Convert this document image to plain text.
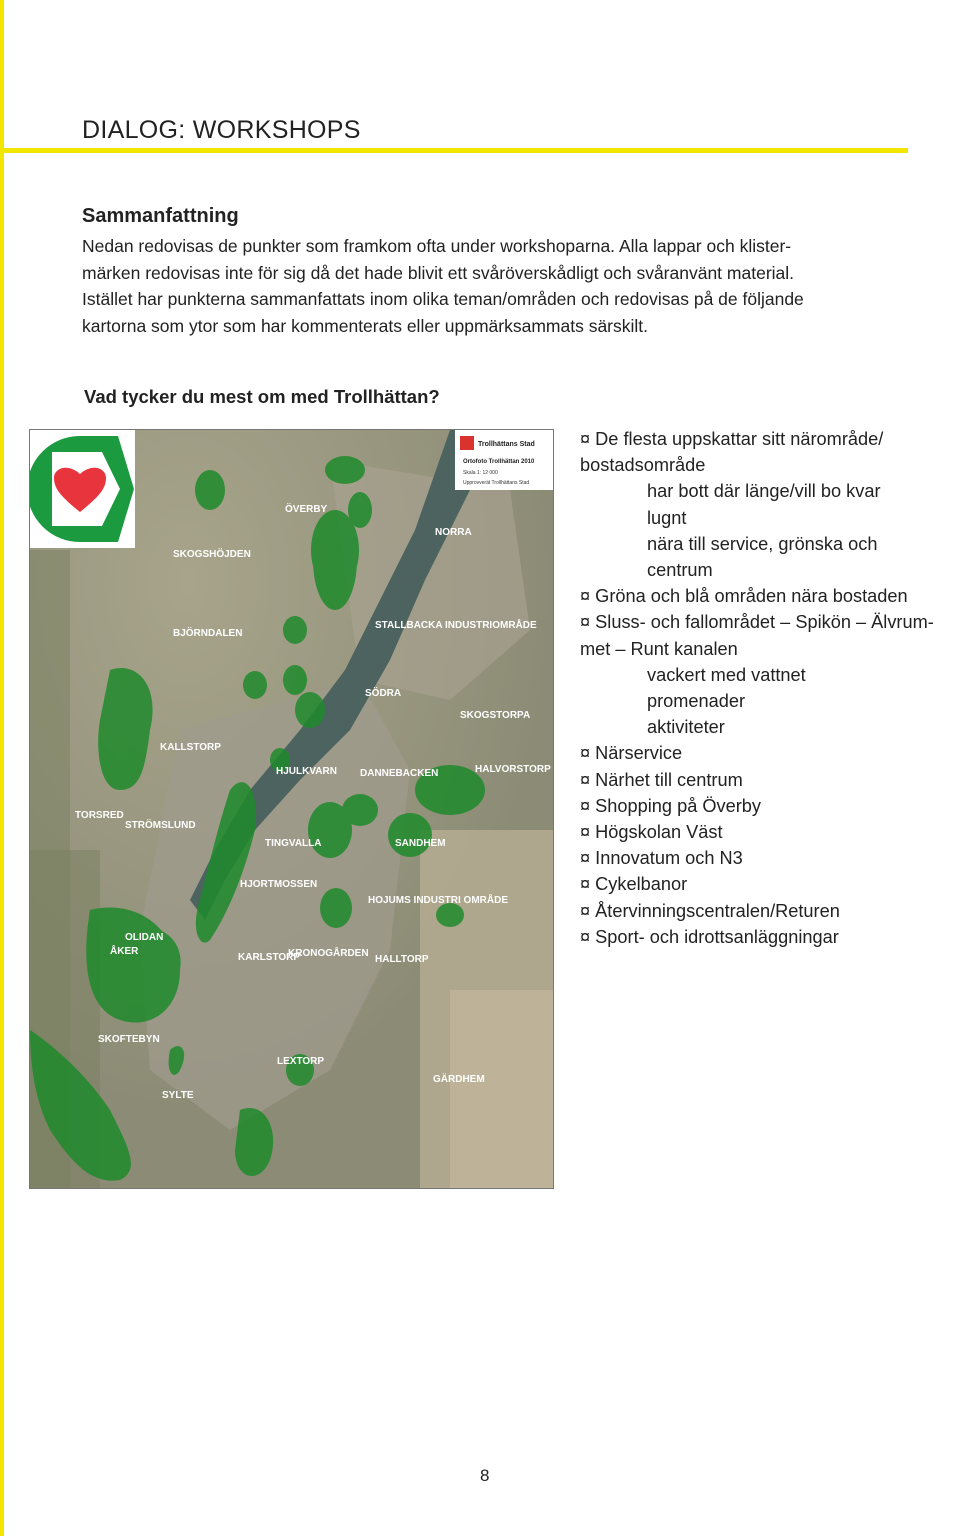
DIALOG: WORKSHOPS
Sammanfattning

Nedan redovisas de punkter som framkom ofta under workshoparna. Alla lappar och klister-
märken redovisas inte för sig då det hade blivit ett svåröverskådligt och svåranvänt material.
Istället har punkterna sammanfattats inom olika teman/områden och redovisas på de följande
kartorna som ytor som har kommenterats eller uppmärksammats särskilt.

Vad tycker du mest om med Trollhättan?
Trollhättans Stad
Ortofoto Trollhättan 2010
Skala 1: 12 000
Upprovverät Trollhättans Stad
ÖVERBY
NORRA
SKOGSHÖJDEN
STALLBACKA INDUSTRIOMRÅDE
BJÖRNDALEN
SÖDRA
SKOGSTORPA
KALLSTORP
HJULKVARN DANNEBACKEN	HALVORSTORP
TORSRED
STRÖMSLUND
TINGVALLA	SANDHEM
HJORTMOSSEN
HOJUMS INDUSTRI OMRÅDE
OLIDAN
ÅKER
KARLSTORP
KRONOGÅRDEN
HALLTORP
SKOFTEBYN
LEXTORP
GÄRDHEM
SYLTE
¤ De flesta uppskattar sitt närområde/
bostadsområde
har bott där länge/vill bo kvar
lugnt
nära till service, grönska och
centrum
¤ Gröna och blå områden nära bostaden
¤ Sluss- och fallområdet – Spikön – Älvrum-
met – Runt kanalen
vackert med vattnet
promenader
aktiviteter
¤ Närservice
¤ Närhet till centrum
¤ Shopping på Överby
¤ Högskolan Väst
¤ Innovatum och N3
¤ Cykelbanor
¤ Återvinningscentralen/Returen
¤ Sport- och idrottsanläggningar
8
